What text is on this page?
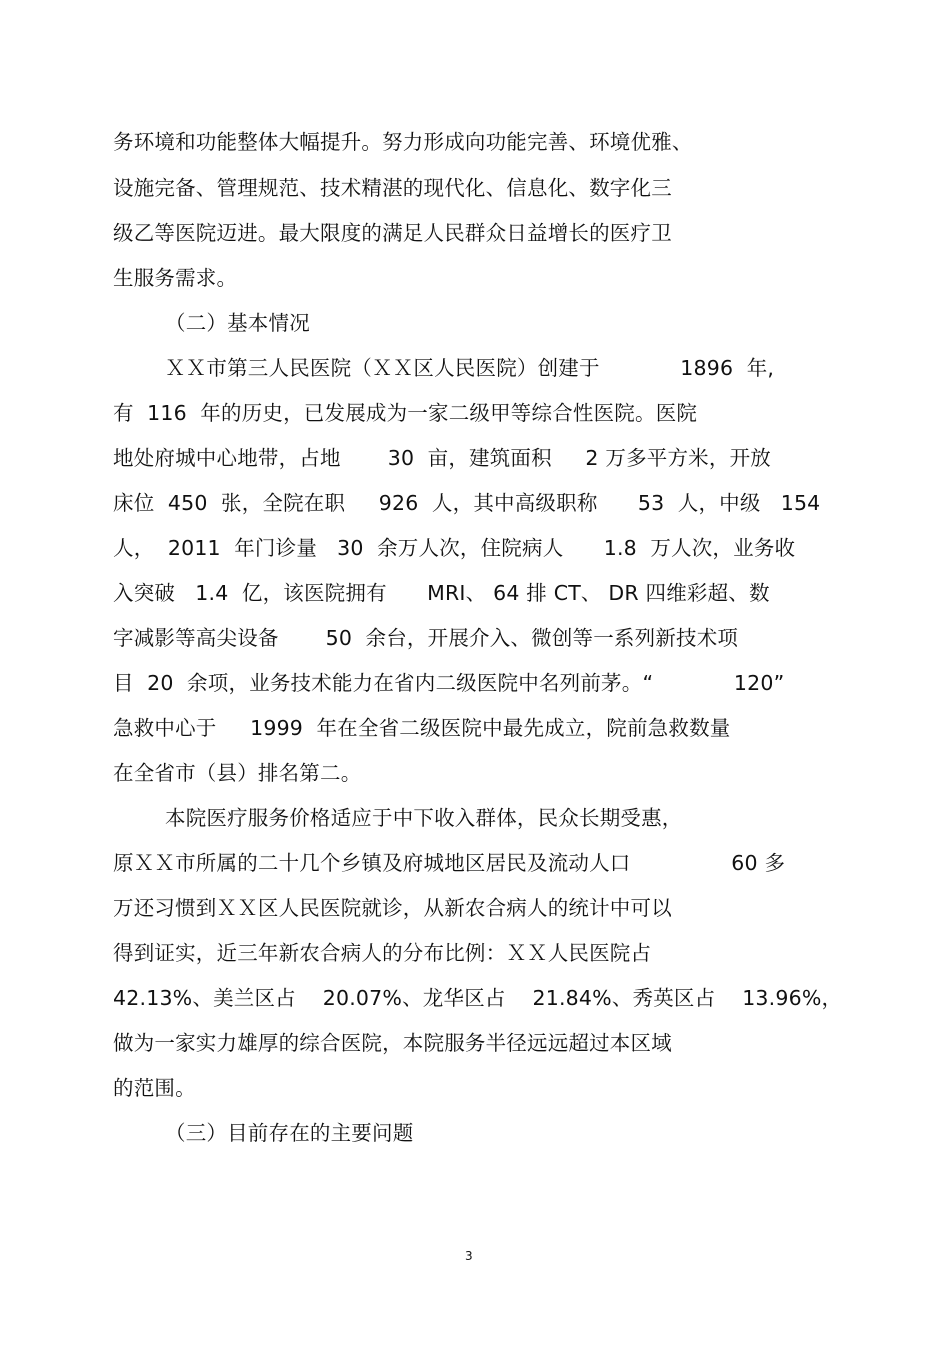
务环境和功能整体大幅提升。努力形成向功能完善、环境优雅、
设施完备、管理规范、技术精湛的现代化、信息化、数字化三
级乙等医院迈进。最大限度的满足人民群众日益增长的医疗卫
生服务需求。
（二）基本情况
ＸＸ市第三人民医院（ＸＸ区人民医院）创建于            1896  年,
有  116  年的历史，已发展成为一家二级甲等综合性医院。医院
地处府城中心地带，占地       30  亩，建筑面积     2 万多平方米，开放
床位  450  张，全院在职     926  人，其中高级职称      53  人，中级   154
人，  2011  年门诊量   30  余万人次，住院病人      1.8  万人次，业务收
入突破   1.4  亿，该医院拥有      MRI、 64 排 CT、 DR 四维彩超、数
字减影等高尖设备       50  余台，开展介入、微创等一系列新技术项
目  20  余项，业务技术能力在省内二级医院中名列前茅。“            120”
急救中心于     1999  年在全省二级医院中最先成立，院前急救数量
在全省市（县）排名第二。
本院医疗服务价格适应于中下收入群体，民众长期受惠，
原ＸＸ市所属的二十几个乡镇及府城地区居民及流动人口               60 多
万还习惯到ＸＸ区人民医院就诊，从新农合病人的统计中可以
得到证实，近三年新农合病人的分布比例：ＸＸ人民医院占
42.13%、美兰区占    20.07%、龙华区占    21.84%、秀英区占    13.96%，
做为一家实力雄厚的综合医院，本院服务半径远远超过本区域
的范围。
（三）目前存在的主要问题
3
